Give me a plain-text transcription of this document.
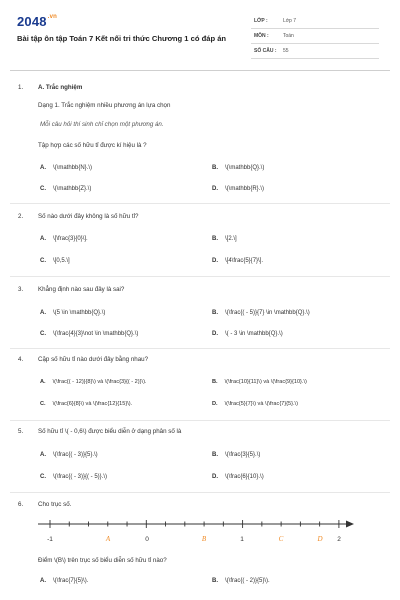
$2048^{.vn}$
Bài tập ôn tập Toán 7 Kết nối tri thức Chương 1 có đáp án
LỚP :	Lớp 7
MÔN :	Toán
SỐ CÂU : 55
1. A. Trắc nghiệm
Dạng 1. Trắc nghiệm nhiều phương án lựa chọn
Mỗi câu hỏi thí sinh chỉ chọn một phương án.
Tập hợp các số hữu tỉ được kí hiệu là ?
A. \(\mathbb{N}.\)	B. \(\mathbb{Q}.\)
C. \(\mathbb{Z}.\)	D. \(\mathbb{R}.\)
2. Số nào dưới đây không là số hữu tỉ?
A. \[\frac{3}{0}\].	B. \[2.\]
C. \[0,5.\]	D. \[4\frac{5}{7}\].
3. Khẳng định nào sau đây là sai?
A. \(5 \in \mathbb{Q}.\)	B. \(\frac{( - 5)}{7} \in \mathbb{Q}.\)
C. \(\frac{4}{3}\not \in \mathbb{Q}.\)	D. \( - 3 \in \mathbb{Q}.\)
4. Cặp số hữu tỉ nào dưới đây bằng nhau?
A. \(\frac{( - 12)}{8}\) và \(\frac{3}{( - 2)}\).	B. \(\frac{10}{11}\) và \(\frac{9}{10}.\)
C. \(\frac{6}{8}\) và \(\frac{12}{15}\).	D. \(\frac{5}{7}\) và \(\frac{7}{5}.\)
5. Số hữu tỉ \( - 0,6\) được biểu diễn ở dạng phân số là
A. \(\frac{( - 3)}{5}.\)	B. \(\frac{3}{5}.\)
C. \(\frac{( - 3)}{( - 5)}.\)	D. \(\frac{6}{10}.\)
6. Cho trục số.
-1	A	0	B	1	C	D 2
Điểm \(B\) trên trục số biểu diễn số hữu tỉ nào?
A. \(\frac{7}{5}\).	B. \(\frac{( - 2)}{5}\).
